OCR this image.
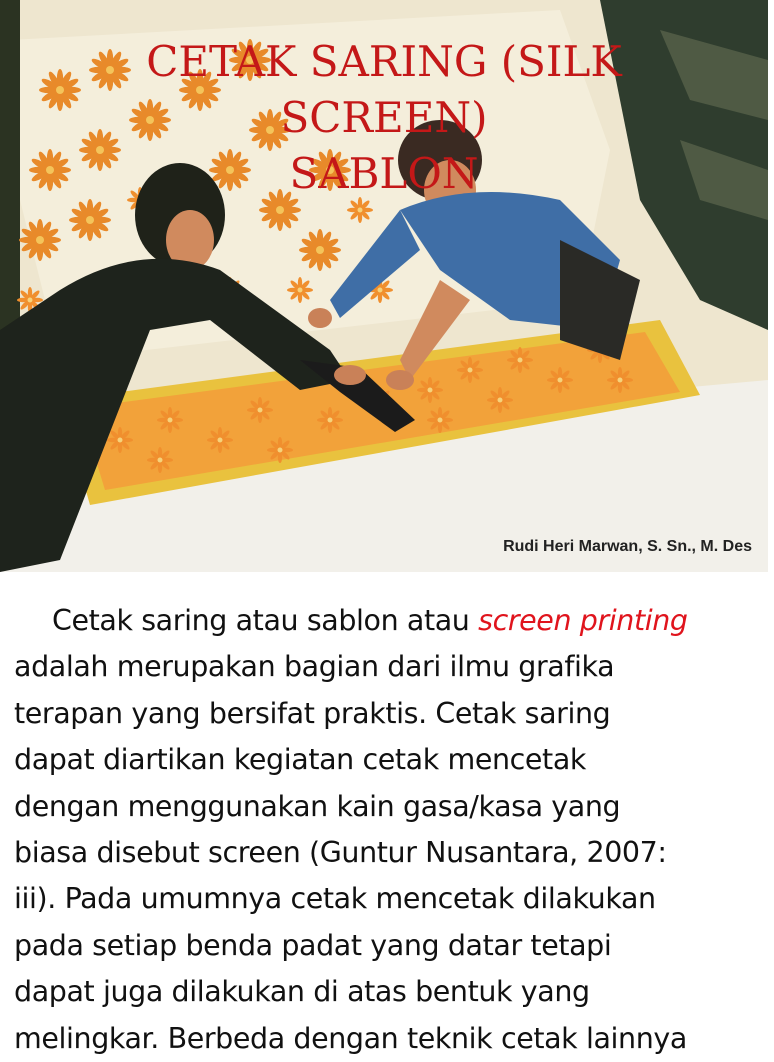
CETAK SARING (SILK
SCREEN)
SABLON
Rudi Heri Marwan, S. Sn., M. Des
Cetak saring atau sablon atau screen printing
adalah merupakan bagian dari ilmu grafika
terapan yang bersifat praktis. Cetak saring
dapat diartikan kegiatan cetak mencetak
dengan menggunakan kain gasa/kasa yang
biasa disebut screen (Guntur Nusantara, 2007:
iii). Pada umumnya cetak mencetak dilakukan
pada setiap benda padat yang datar tetapi
dapat juga dilakukan di atas bentuk yang
melingkar. Berbeda dengan teknik cetak lainnya
